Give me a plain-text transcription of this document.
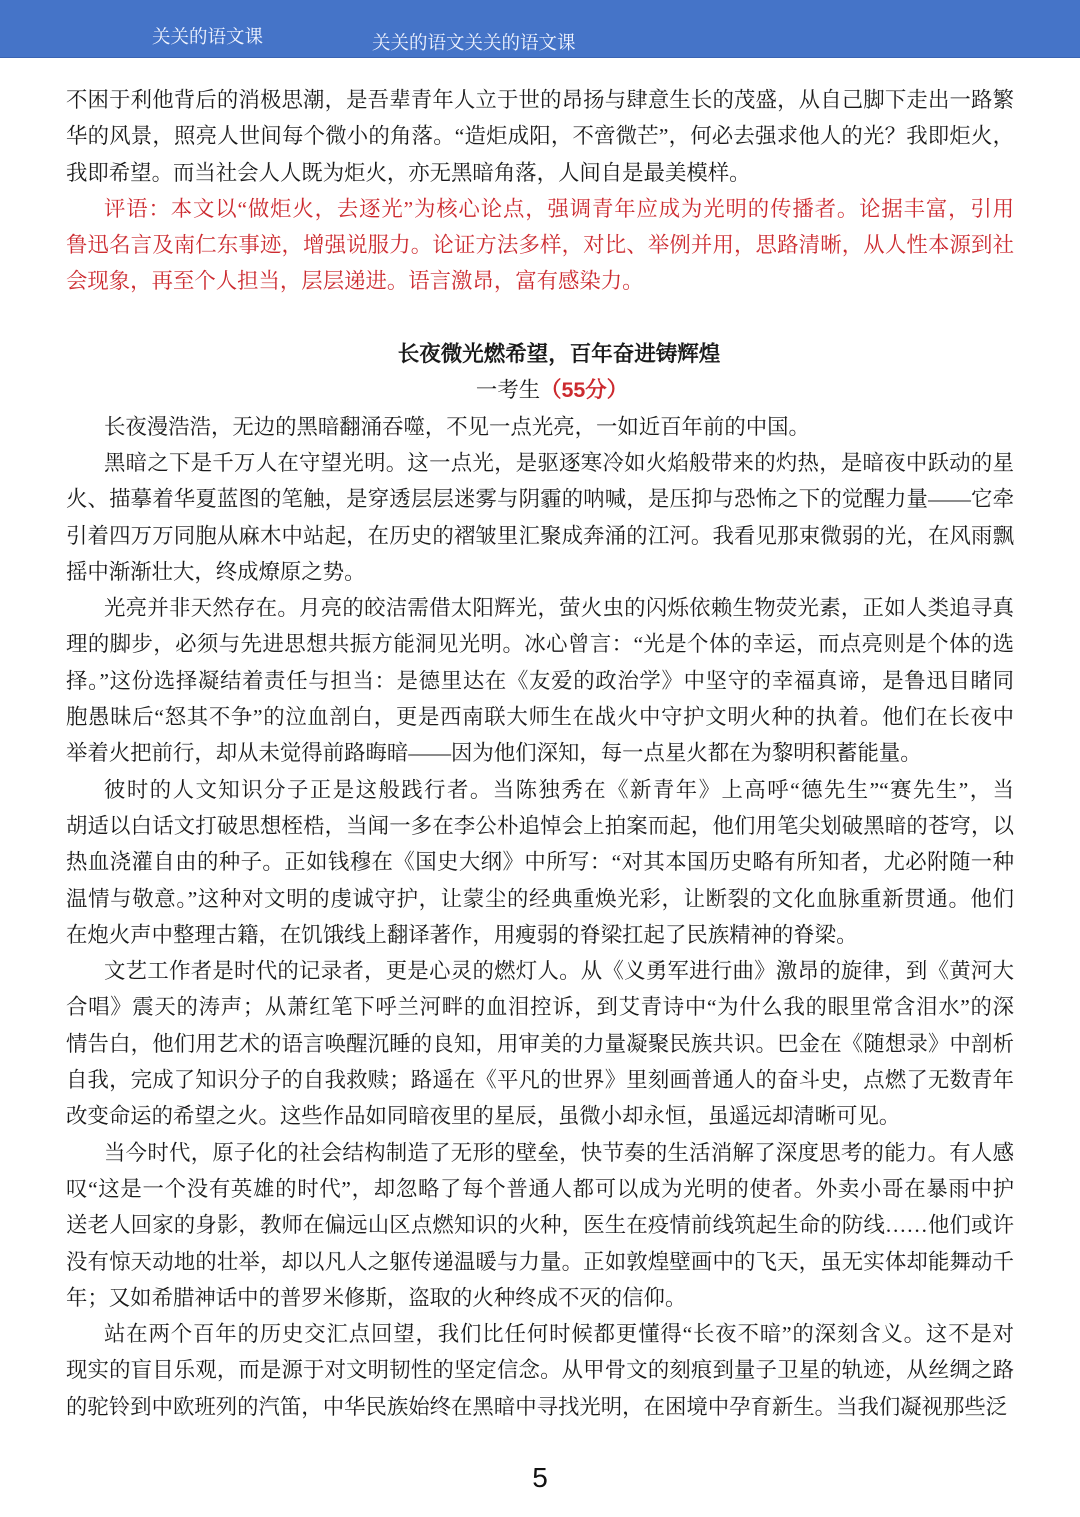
关关的语文课	关关的语文关关的语文课
不困于利他背后的消极思潮，是吾辈青年人立于世的昂扬与肆意生长的茂盛，从自己脚下走出一路繁
华的风景，照亮人世间每个微小的角落。“造炬成阳，不啻微芒”，何必去强求他人的光？我即炬火，
我即希望。而当社会人人既为炬火，亦无黑暗角落，人间自是最美模样。
评语：本文以“做炬火，去逐光”为核心论点，强调青年应成为光明的传播者。论据丰富，引用
鲁迅名言及南仁东事迹，增强说服力。论证方法多样，对比、举例并用，思路清晰，从人性本源到社
会现象，再至个人担当，层层递进。语言激昂，富有感染力。
长夜微光燃希望，百年奋进铸辉煌
一考生（55分）
长夜漫浩浩，无边的黑暗翻涌吞噬，不见一点光亮，一如近百年前的中国。
黑暗之下是千万人在守望光明。这一点光，是驱逐寒冷如火焰般带来的灼热，是暗夜中跃动的星
火、描摹着华夏蓝图的笔触，是穿透层层迷雾与阴霾的呐喊，是压抑与恐怖之下的觉醒力量——它牵
引着四万万同胞从麻木中站起，在历史的褶皱里汇聚成奔涌的江河。我看见那束微弱的光，在风雨飘
摇中渐渐壮大，终成燎原之势。
光亮并非天然存在。月亮的皎洁需借太阳辉光，萤火虫的闪烁依赖生物荧光素，正如人类追寻真
理的脚步，必须与先进思想共振方能洞见光明。冰心曾言：“光是个体的幸运，而点亮则是个体的选
择。”这份选择凝结着责任与担当：是德里达在《友爱的政治学》中坚守的幸福真谛，是鲁迅目睹同
胞愚昧后“怒其不争”的泣血剖白，更是西南联大师生在战火中守护文明火种的执着。他们在长夜中
举着火把前行，却从未觉得前路晦暗——因为他们深知，每一点星火都在为黎明积蓄能量。
彼时的人文知识分子正是这般践行者。当陈独秀在《新青年》上高呼“德先生”“赛先生”，当
胡适以白话文打破思想桎梏，当闻一多在李公朴追悼会上拍案而起，他们用笔尖划破黑暗的苍穹，以
热血浇灌自由的种子。正如钱穆在《国史大纲》中所写：“对其本国历史略有所知者，尤必附随一种
温情与敬意。”这种对文明的虔诚守护，让蒙尘的经典重焕光彩，让断裂的文化血脉重新贯通。他们
在炮火声中整理古籍，在饥饿线上翻译著作，用瘦弱的脊梁扛起了民族精神的脊梁。
文艺工作者是时代的记录者，更是心灵的燃灯人。从《义勇军进行曲》激昂的旋律，到《黄河大
合唱》震天的涛声；从萧红笔下呼兰河畔的血泪控诉，到艾青诗中“为什么我的眼里常含泪水”的深
情告白，他们用艺术的语言唤醒沉睡的良知，用审美的力量凝聚民族共识。巴金在《随想录》中剖析
自我，完成了知识分子的自我救赎；路遥在《平凡的世界》里刻画普通人的奋斗史，点燃了无数青年
改变命运的希望之火。这些作品如同暗夜里的星辰，虽微小却永恒，虽遥远却清晰可见。
当今时代，原子化的社会结构制造了无形的壁垒，快节奏的生活消解了深度思考的能力。有人感
叹“这是一个没有英雄的时代”，却忽略了每个普通人都可以成为光明的使者。外卖小哥在暴雨中护
送老人回家的身影，教师在偏远山区点燃知识的火种，医生在疫情前线筑起生命的防线……他们或许
没有惊天动地的壮举，却以凡人之躯传递温暖与力量。正如敦煌壁画中的飞天，虽无实体却能舞动千
年；又如希腊神话中的普罗米修斯，盗取的火种终成不灭的信仰。
站在两个百年的历史交汇点回望，我们比任何时候都更懂得“长夜不暗”的深刻含义。这不是对
现实的盲目乐观，而是源于对文明韧性的坚定信念。从甲骨文的刻痕到量子卫星的轨迹，从丝绸之路
的驼铃到中欧班列的汽笛，中华民族始终在黑暗中寻找光明，在困境中孕育新生。当我们凝视那些泛
5
